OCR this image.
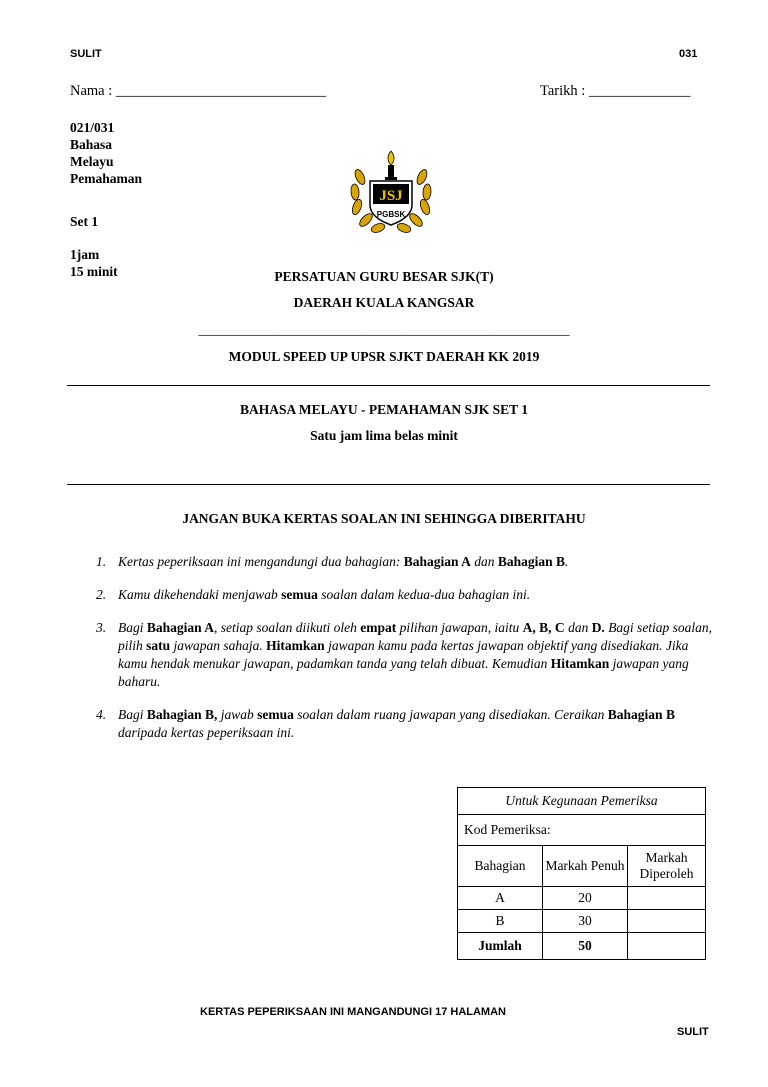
SULIT	031
Nama : _____________________________	Tarikh : ______________
021/031
Bahasa
Melayu
Pemahaman
Set 1
1jam
15 minit
JSJ
PGBSK
PERSATUAN GURU BESAR SJK(T)
DAERAH KUALA KANGSAR
_______________________________________________________
MODUL SPEED UP UPSR SJKT DAERAH KK 2019
BAHASA MELAYU - PEMAHAMAN SJK SET 1
Satu jam lima belas minit
JANGAN BUKA KERTAS SOALAN INI SEHINGGA DIBERITAHU
1. Kertas peperiksaan ini mengandungi dua bahagian: Bahagian A dan Bahagian B.
2. Kamu dikehendaki menjawab semua soalan dalam kedua-dua bahagian ini.
3. Bagi Bahagian A, setiap soalan diikuti oleh empat pilihan jawapan, iaitu A, B, C dan D. Bagi setiap soalan, pilih satu jawapan sahaja. Hitamkan jawapan kamu pada kertas jawapan objektif yang disediakan. Jika kamu hendak menukar jawapan, padamkan tanda yang telah dibuat. Kemudian Hitamkan jawapan yang baharu.
4. Bagi Bahagian B, jawab semua soalan dalam ruang jawapan yang disediakan. Ceraikan Bahagian B daripada kertas peperiksaan ini.
Untuk Kegunaan Pemeriksa		
Kod Pemeriksa:		
Bahagian	Markah Penuh	Markah Diperoleh
A	20	
B	30	
Jumlah	50	
KERTAS PEPERIKSAAN INI MANGANDUNGI 17 HALAMAN
SULIT
